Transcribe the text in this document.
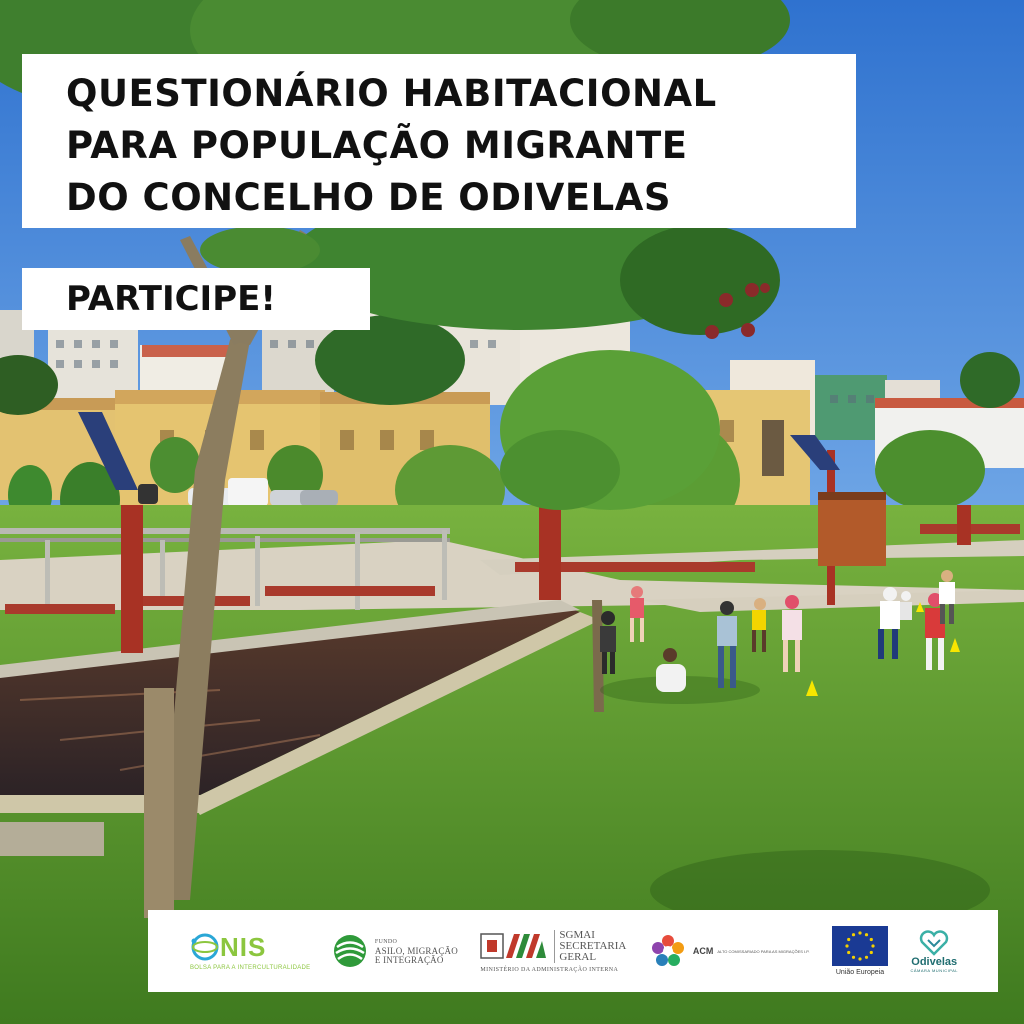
QUESTIONÁRIO HABITACIONAL
PARA POPULAÇÃO MIGRANTE
DO CONCELHO DE ODIVELAS
PARTICIPE!
NIS
BOLSA PARA A INTERCULTURALIDADE
FUNDO
ASILO, MIGRAÇÃO
E INTEGRAÇÃO
SGMAI
SECRETARIA
GERAL
MINISTÉRIO DA ADMINISTRAÇÃO INTERNA
ACM ALTO COMISSARIADO PARA AS MIGRAÇÕES I.P.
União Europeia
Odivelas
CÂMARA MUNICIPAL
